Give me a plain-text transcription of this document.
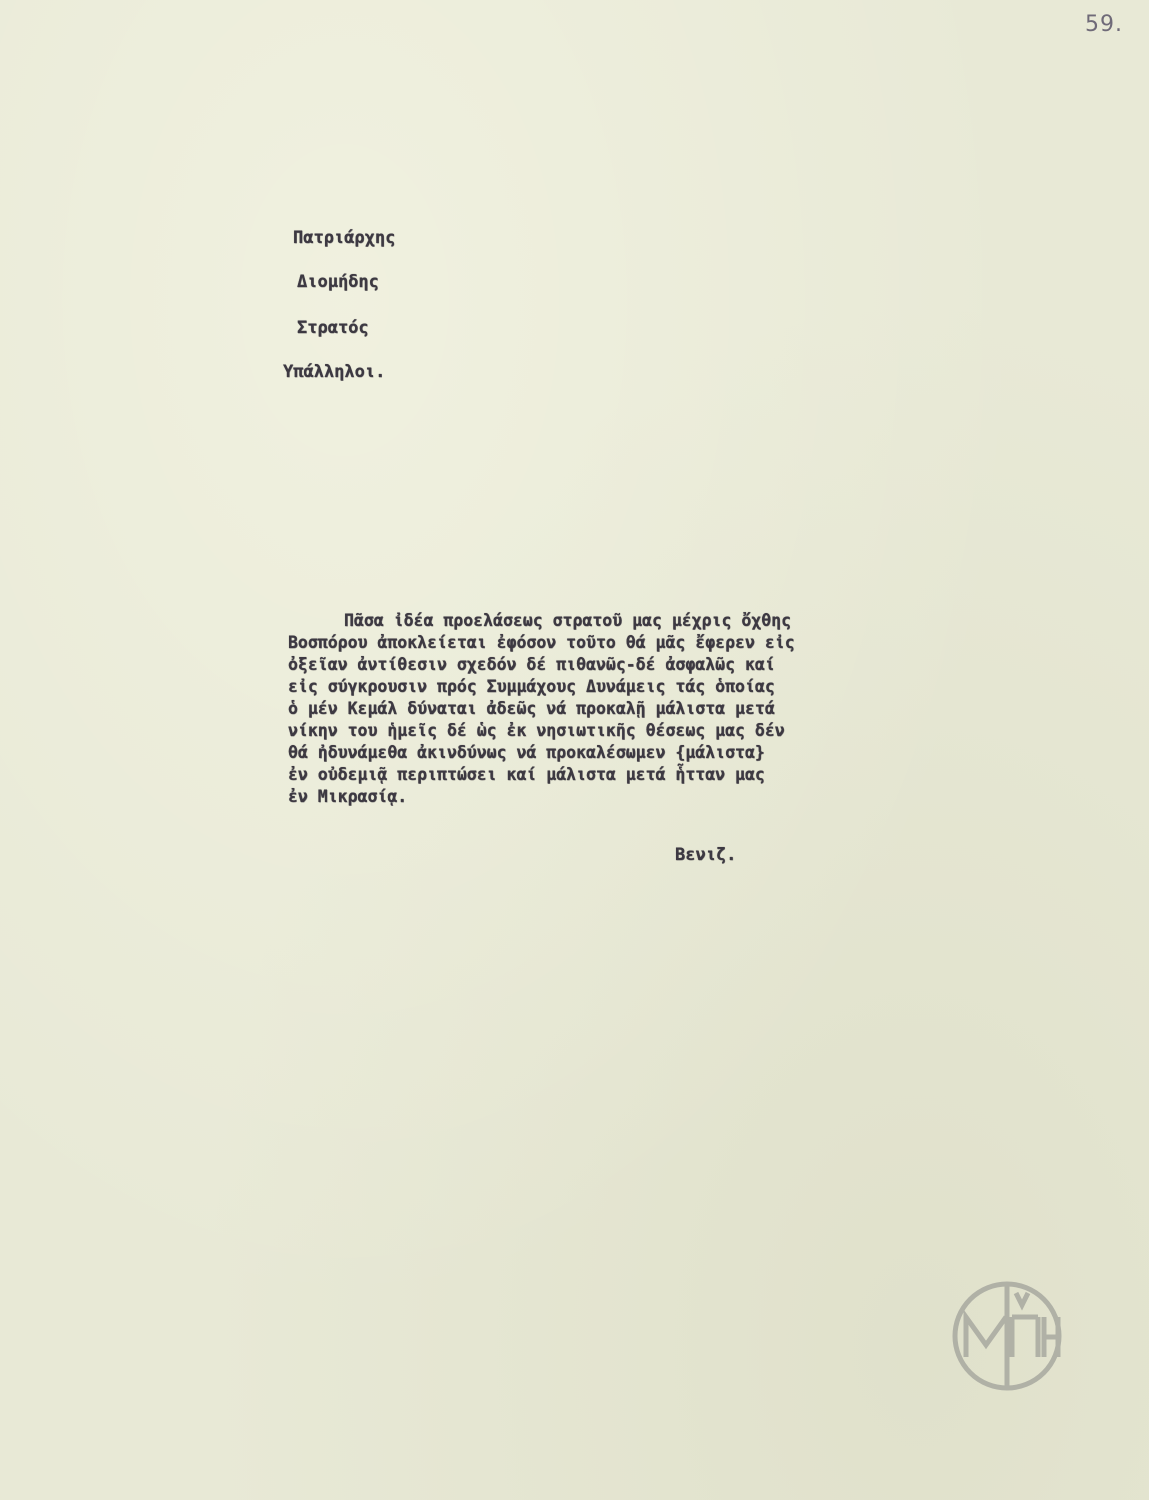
59.
Πατριάρχης
Διομήδης
Στρατός
Υπάλληλοι.
Πᾶσα ἰδέα προελάσεως στρατοῦ μας μέχρις ὄχθης
Βοσπόρου ἀποκλείεται ἐφόσον τοῦτο θά μᾶς ἔφερεν εἰς
ὀξεῖαν ἀντίθεσιν σχεδόν δέ πιθανῶς-δέ ἀσφαλῶς καί
εἰς σύγκρουσιν πρός Συμμάχους Δυνάμεις τάς ὁποίας
ὁ μέν Κεμάλ δύναται ἀδεῶς νά προκαλῇ μάλιστα μετά
νίκην του ἡμεῖς δέ ὡς ἐκ νησιωτικῆς θέσεως μας δέν
θά ἠδυνάμεθα ἀκινδύνως νά προκαλέσωμεν {μάλιστα}
ἐν οὐδεμιᾷ περιπτώσει καί μάλιστα μετά ἧτταν μας
ἐν Μικρασίᾳ.
Βενιζ.
